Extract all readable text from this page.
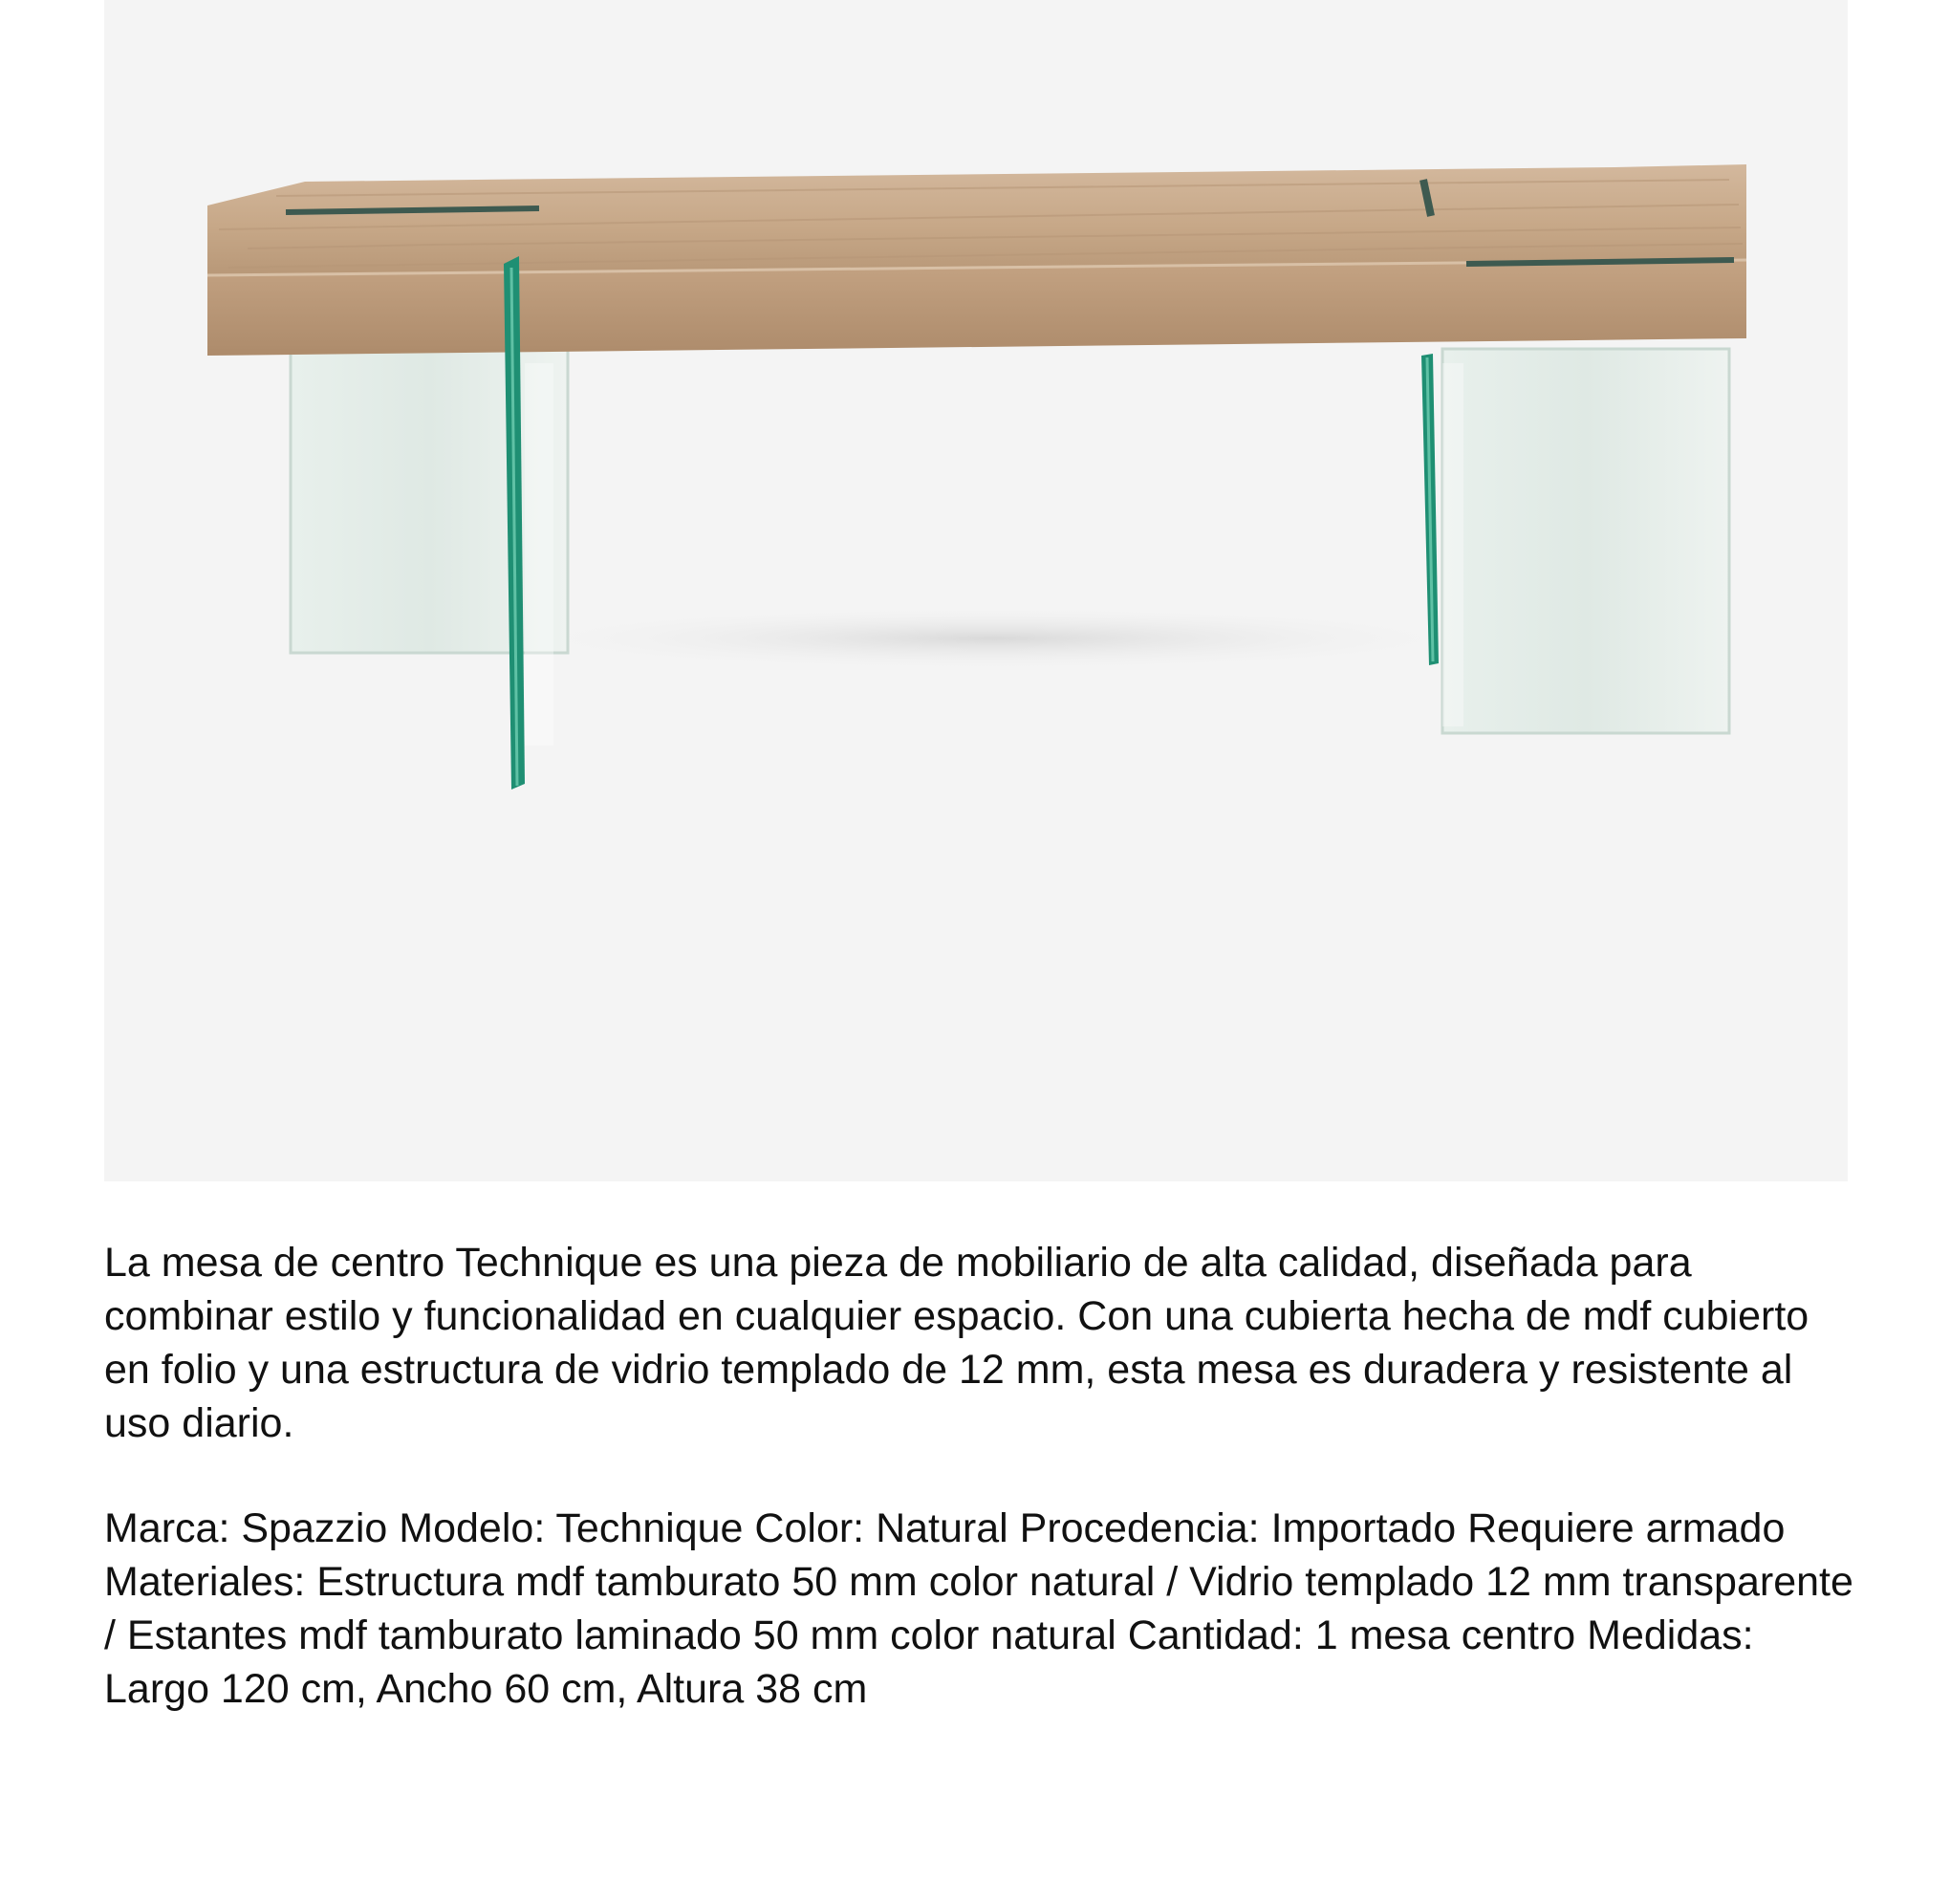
La mesa de centro Technique es una pieza de mobiliario de alta calidad, diseñada para combinar estilo y funcionalidad en cualquier espacio. Con una cubierta hecha de mdf cubierto en folio y una estructura de vidrio templado de 12 mm, esta mesa es duradera y resistente al uso diario.

Marca: Spazzio Modelo: Technique Color: Natural Procedencia: Importado Requiere armado Materiales: Estructura mdf tamburato 50 mm color natural / Vidrio templado 12 mm transparente / Estantes mdf tamburato laminado 50 mm color natural Cantidad: 1 mesa centro Medidas: Largo 120 cm, Ancho 60 cm, Altura 38 cm
